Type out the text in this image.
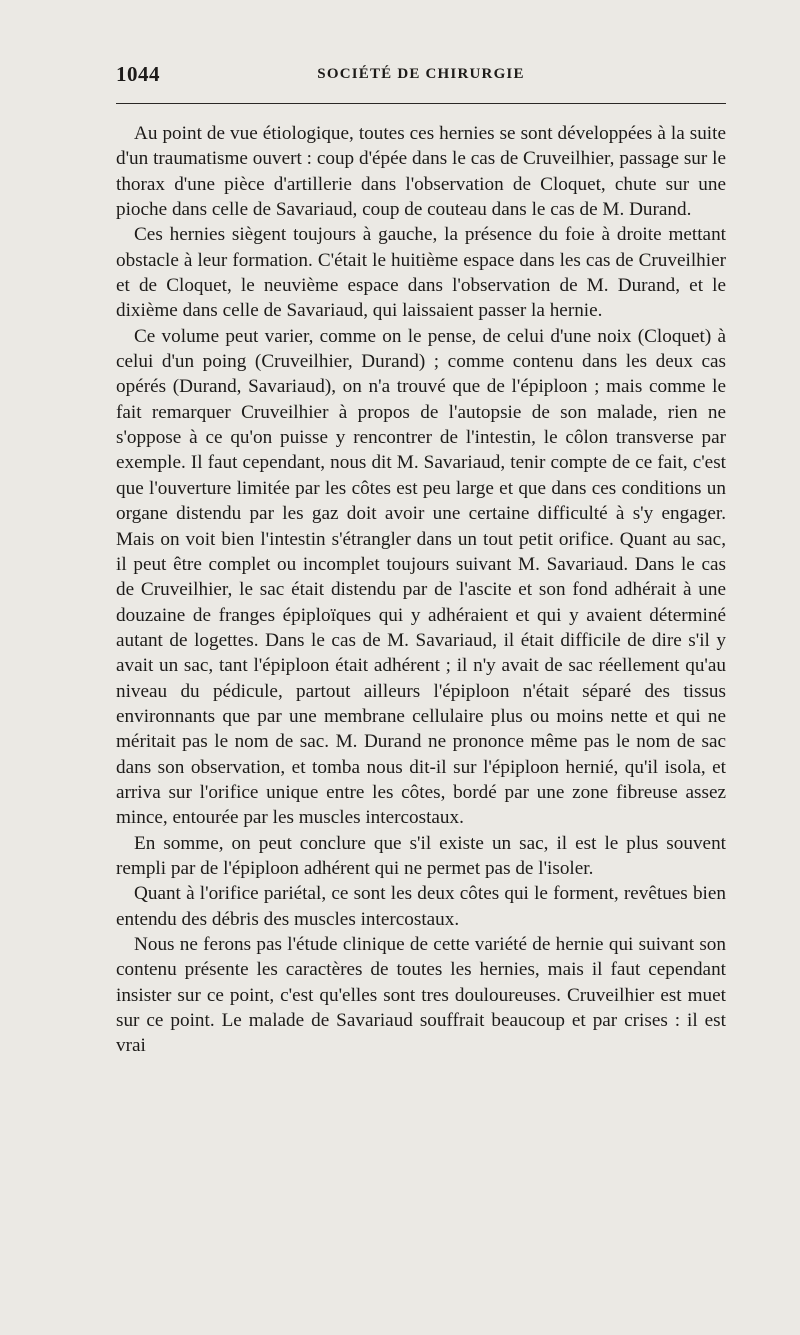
1044	SOCIÉTÉ DE CHIRURGIE

Au point de vue étiologique, toutes ces hernies se sont développées à la suite d'un traumatisme ouvert : coup d'épée dans le cas de Cruveilhier, passage sur le thorax d'une pièce d'artillerie dans l'observation de Cloquet, chute sur une pioche dans celle de Savariaud, coup de couteau dans le cas de M. Durand.

Ces hernies siègent toujours à gauche, la présence du foie à droite mettant obstacle à leur formation. C'était le huitième espace dans les cas de Cruveilhier et de Cloquet, le neuvième espace dans l'observation de M. Durand, et le dixième dans celle de Savariaud, qui laissaient passer la hernie.

Ce volume peut varier, comme on le pense, de celui d'une noix (Cloquet) à celui d'un poing (Cruveilhier, Durand) ; comme contenu dans les deux cas opérés (Durand, Savariaud), on n'a trouvé que de l'épiploon ; mais comme le fait remarquer Cruveilhier à propos de l'autopsie de son malade, rien ne s'oppose à ce qu'on puisse y rencontrer de l'intestin, le côlon transverse par exemple. Il faut cependant, nous dit M. Savariaud, tenir compte de ce fait, c'est que l'ouverture limitée par les côtes est peu large et que dans ces conditions un organe distendu par les gaz doit avoir une certaine difficulté à s'y engager. Mais on voit bien l'intestin s'étrangler dans un tout petit orifice. Quant au sac, il peut être complet ou incomplet toujours suivant M. Savariaud. Dans le cas de Cruveilhier, le sac était distendu par de l'ascite et son fond adhérait à une douzaine de franges épiploïques qui y adhéraient et qui y avaient déterminé autant de logettes. Dans le cas de M. Savariaud, il était difficile de dire s'il y avait un sac, tant l'épiploon était adhérent ; il n'y avait de sac réellement qu'au niveau du pédicule, partout ailleurs l'épiploon n'était séparé des tissus environnants que par une membrane cellulaire plus ou moins nette et qui ne méritait pas le nom de sac. M. Durand ne prononce même pas le nom de sac dans son observation, et tomba nous dit-il sur l'épiploon hernié, qu'il isola, et arriva sur l'orifice unique entre les côtes, bordé par une zone fibreuse assez mince, entourée par les muscles intercostaux.

En somme, on peut conclure que s'il existe un sac, il est le plus souvent rempli par de l'épiploon adhérent qui ne permet pas de l'isoler.

Quant à l'orifice pariétal, ce sont les deux côtes qui le forment, revêtues bien entendu des débris des muscles intercostaux.

Nous ne ferons pas l'étude clinique de cette variété de hernie qui suivant son contenu présente les caractères de toutes les hernies, mais il faut cependant insister sur ce point, c'est qu'elles sont tres douloureuses. Cruveilhier est muet sur ce point. Le malade de Savariaud souffrait beaucoup et par crises : il est vrai
